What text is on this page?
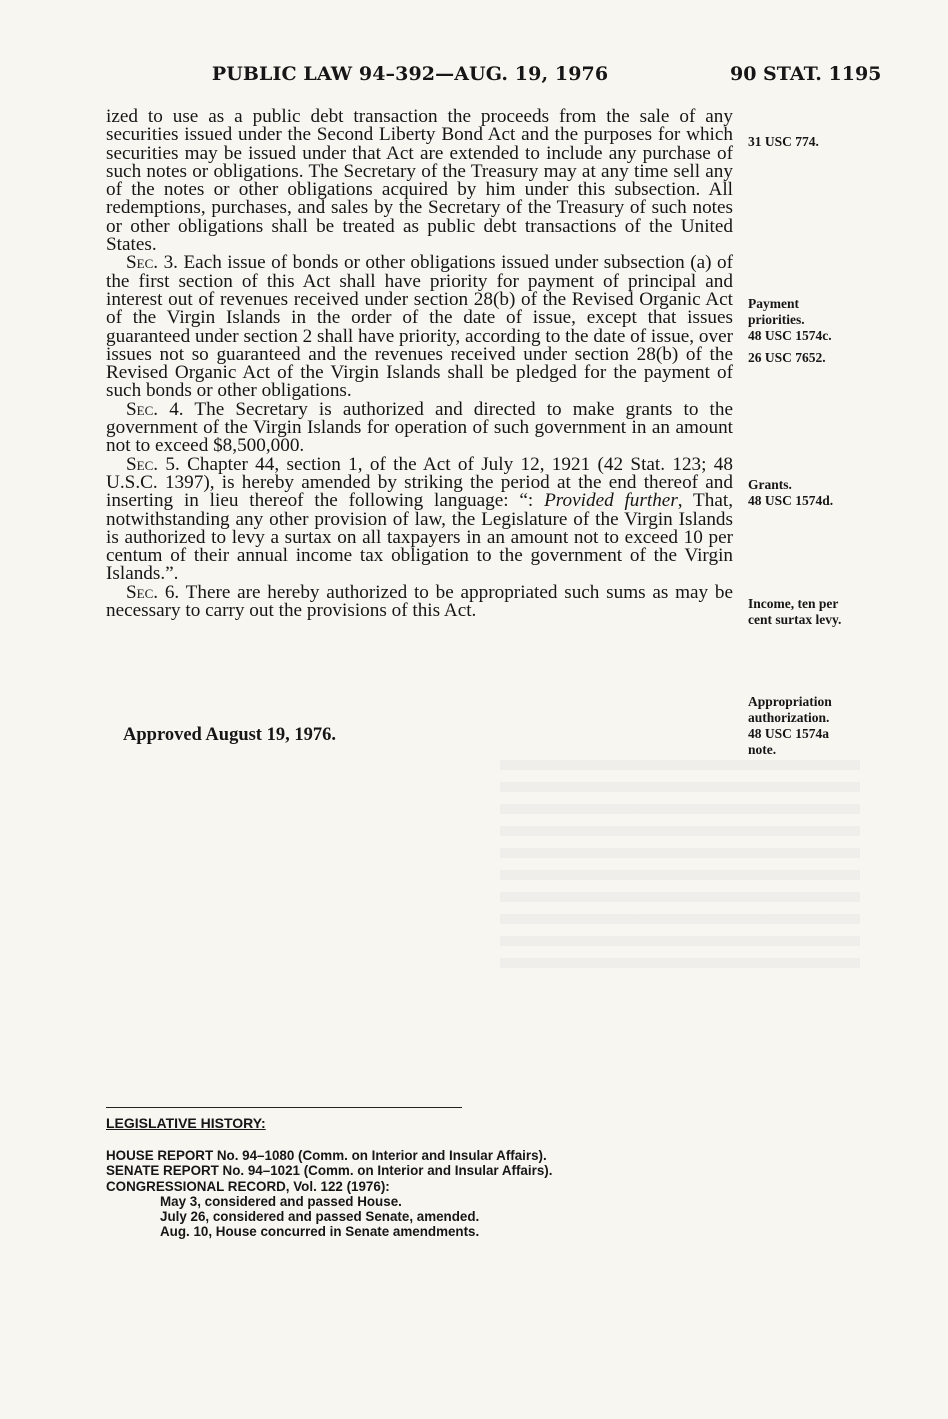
PUBLIC LAW 94–392—AUG. 19, 1976	90 STAT. 1195

ized to use as a public debt transaction the proceeds from the sale of any securities issued under the Second Liberty Bond Act and the purposes for which securities may be issued under that Act are extended to include any purchase of such notes or obligations. The Secretary of the Treasury may at any time sell any of the notes or other obligations acquired by him under this subsection. All redemptions, purchases, and sales by the Secretary of the Treasury of such notes or other obligations shall be treated as public debt transactions of the United States.

Sec. 3. Each issue of bonds or other obligations issued under subsection (a) of the first section of this Act shall have priority for payment of principal and interest out of revenues received under section 28(b) of the Revised Organic Act of the Virgin Islands in the order of the date of issue, except that issues guaranteed under section 2 shall have priority, according to the date of issue, over issues not so guaranteed and the revenues received under section 28(b) of the Revised Organic Act of the Virgin Islands shall be pledged for the payment of such bonds or other obligations.

Sec. 4. The Secretary is authorized and directed to make grants to the government of the Virgin Islands for operation of such government in an amount not to exceed $8,500,000.

Sec. 5. Chapter 44, section 1, of the Act of July 12, 1921 (42 Stat. 123; 48 U.S.C. 1397), is hereby amended by striking the period at the end thereof and inserting in lieu thereof the following language: “: Provided further, That, notwithstanding any other provision of law, the Legislature of the Virgin Islands is authorized to levy a surtax on all taxpayers in an amount not to exceed 10 per centum of their annual income tax obligation to the government of the Virgin Islands.”.

Sec. 6. There are hereby authorized to be appropriated such sums as may be necessary to carry out the provisions of this Act.

Approved August 19, 1976.
31 USC 774.
Payment
priorities.
48 USC 1574c.
26 USC 7652.
Grants.
48 USC 1574d.
Income, ten per
cent surtax levy.
Appropriation
authorization.
48 USC 1574a
note.
LEGISLATIVE HISTORY:
HOUSE REPORT No. 94–1080 (Comm. on Interior and Insular Affairs).
SENATE REPORT No. 94–1021 (Comm. on Interior and Insular Affairs).
CONGRESSIONAL RECORD, Vol. 122 (1976):
May 3, considered and passed House.
July 26, considered and passed Senate, amended.
Aug. 10, House concurred in Senate amendments.
